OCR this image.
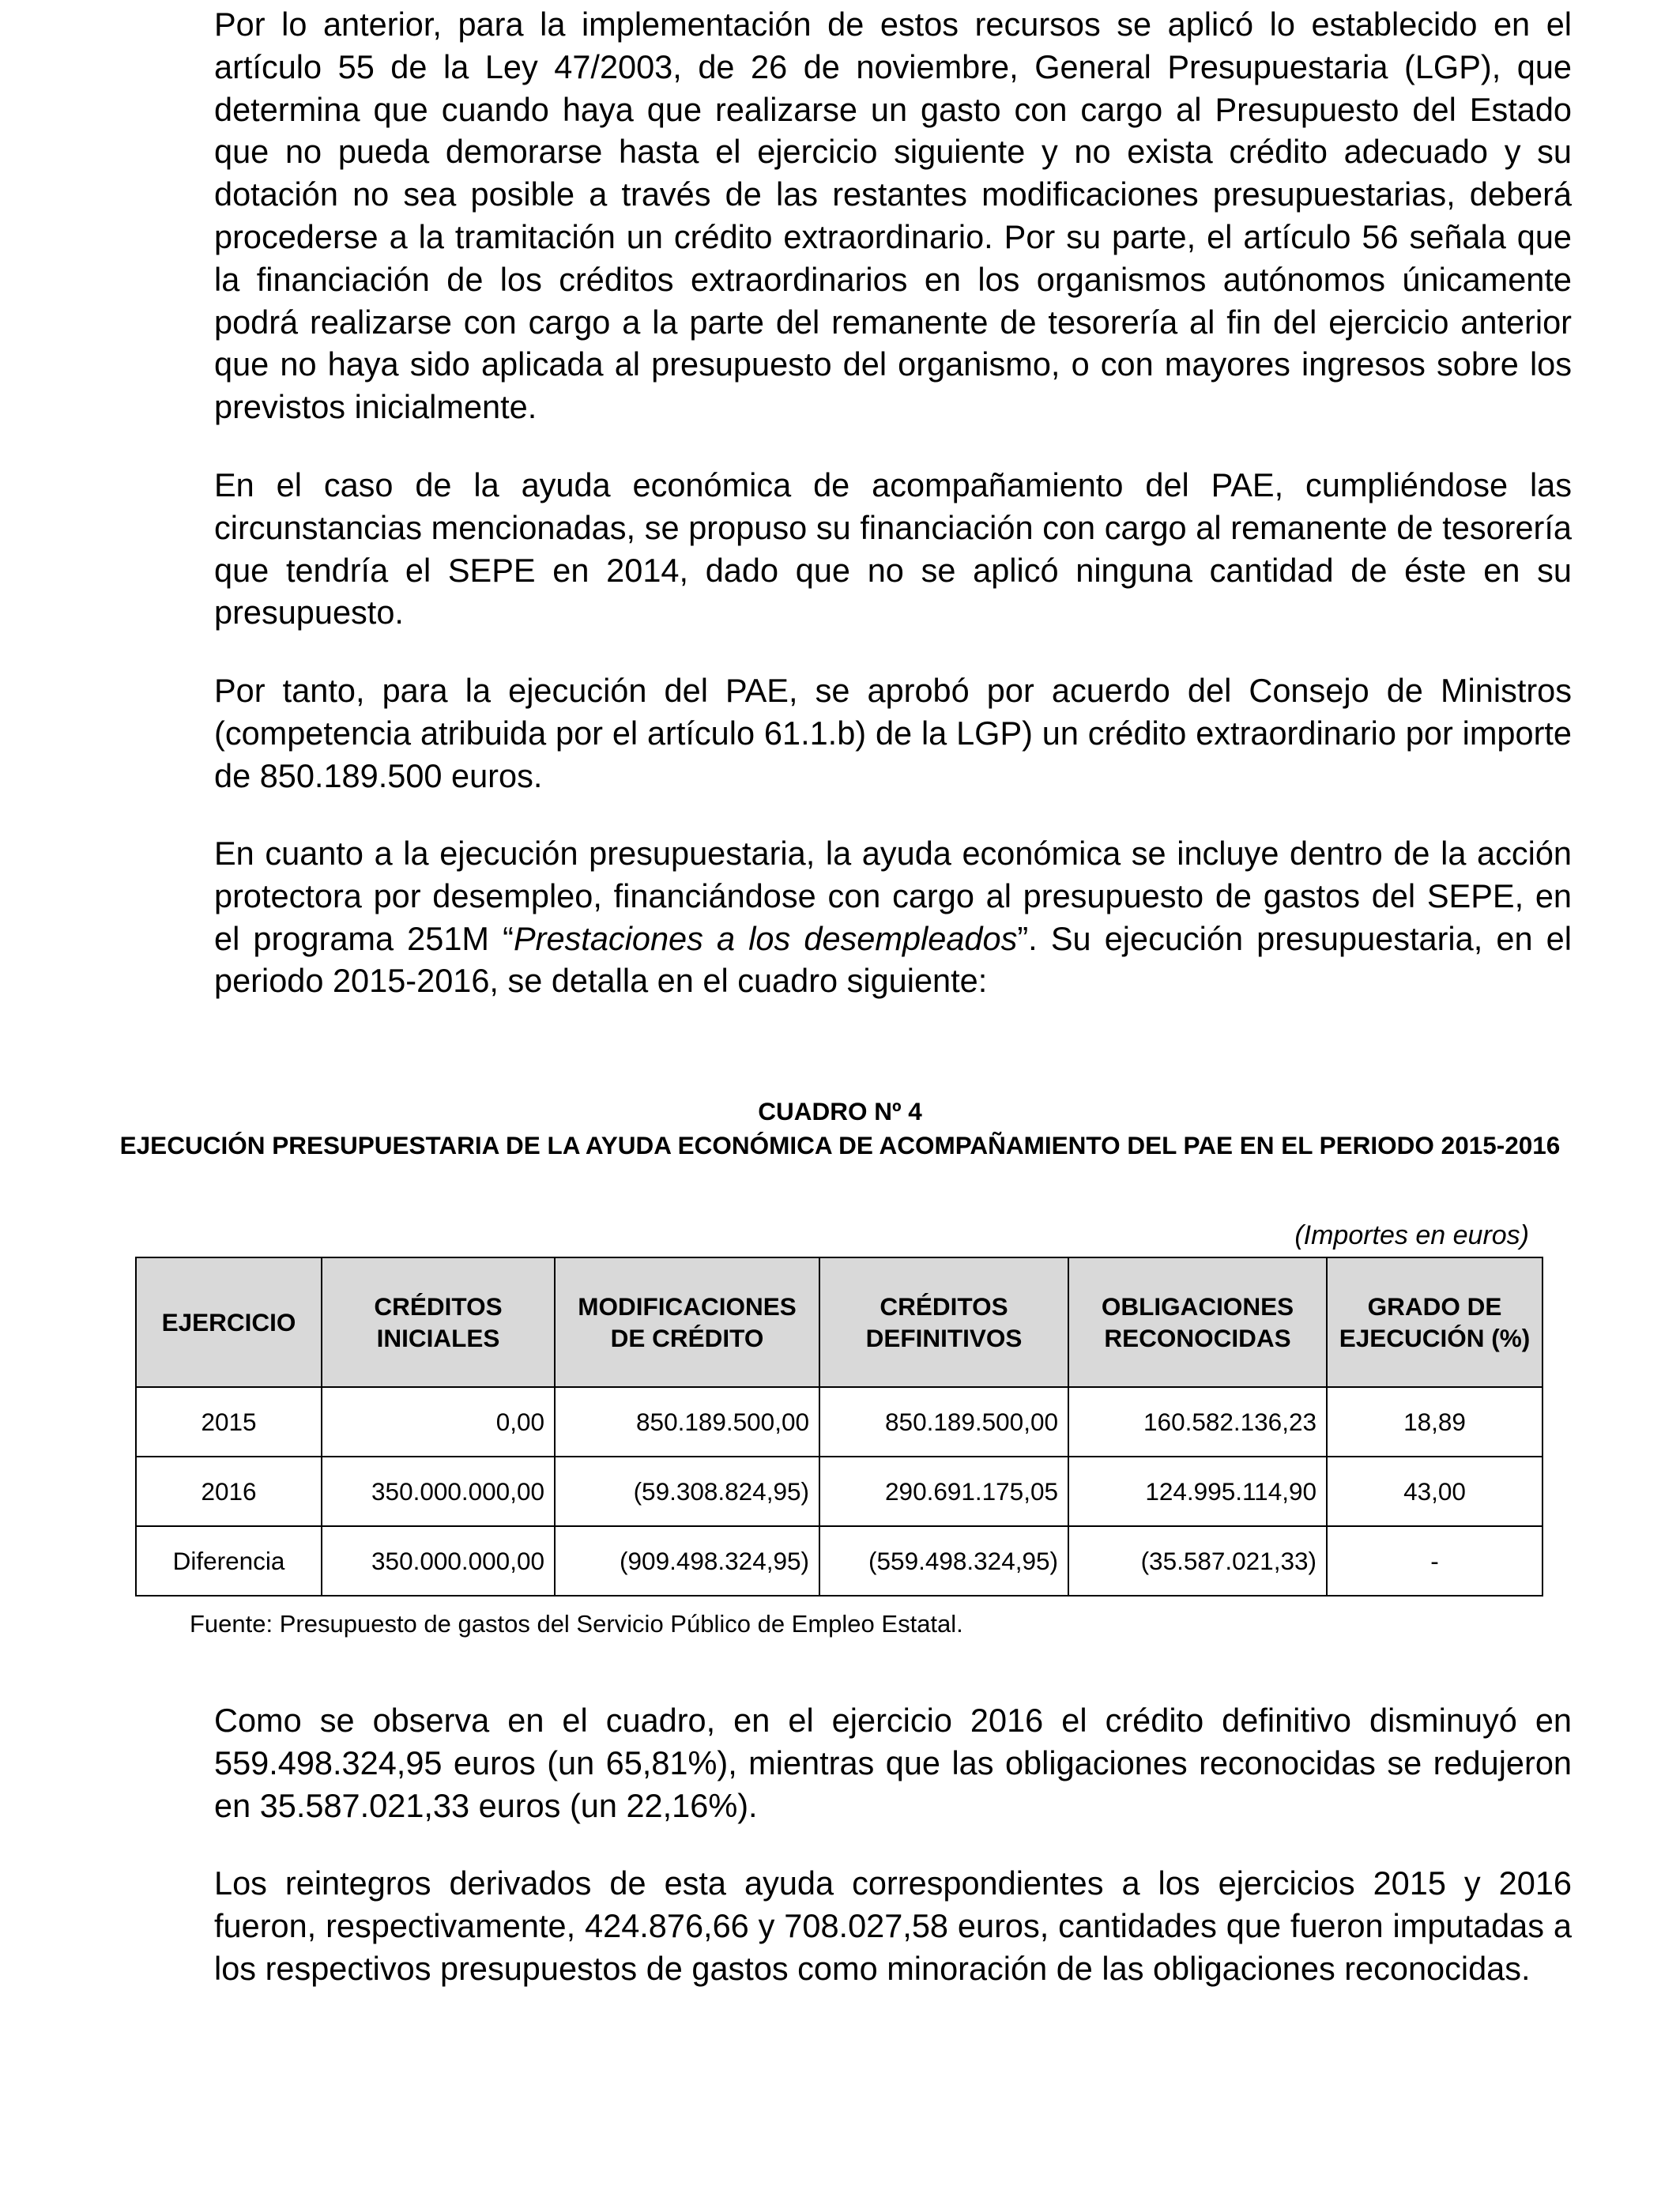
Por lo anterior, para la implementación de estos recursos se aplicó lo establecido en el artículo 55 de la Ley 47/2003, de 26 de noviembre, General Presupuestaria (LGP), que determina que cuando haya que realizarse un gasto con cargo al Presupuesto del Estado que no pueda demorarse hasta el ejercicio siguiente y no exista crédito adecuado y su dotación no sea posible a través de las restantes modificaciones presupuestarias, deberá procederse a la tramitación un crédito extraordinario. Por su parte, el artículo 56 señala que la financiación de los créditos extraordinarios en los organismos autónomos únicamente podrá realizarse con cargo a la parte del remanente de tesorería al fin del ejercicio anterior que no haya sido aplicada al presupuesto del organismo, o con mayores ingresos sobre los previstos inicialmente.

En el caso de la ayuda económica de acompañamiento del PAE, cumpliéndose las circunstancias mencionadas, se propuso su financiación con cargo al remanente de tesorería que tendría el SEPE en 2014, dado que no se aplicó ninguna cantidad de éste en su presupuesto.

Por tanto, para la ejecución del PAE, se aprobó por acuerdo del Consejo de Ministros (competencia atribuida por el artículo 61.1.b) de la LGP) un crédito extraordinario por importe de 850.189.500 euros.

En cuanto a la ejecución presupuestaria, la ayuda económica se incluye dentro de la acción protectora por desempleo, financiándose con cargo al presupuesto de gastos del SEPE, en el programa 251M “Prestaciones a los desempleados”. Su ejecución presupuestaria, en el periodo 2015-2016, se detalla en el cuadro siguiente:

CUADRO Nº 4

EJECUCIÓN PRESUPUESTARIA DE LA AYUDA ECONÓMICA DE ACOMPAÑAMIENTO DEL PAE EN EL PERIODO 2015-2016

(Importes en euros)
EJERCICIO	CRÉDITOS INICIALES	MODIFICACIONES DE CRÉDITO	CRÉDITOS DEFINITIVOS	OBLIGACIONES RECONOCIDAS	GRADO DE EJECUCIÓN (%)
2015	0,00	850.189.500,00	850.189.500,00	160.582.136,23	18,89
2016	350.000.000,00	(59.308.824,95)	290.691.175,05	124.995.114,90	43,00
Diferencia	350.000.000,00	(909.498.324,95)	(559.498.324,95)	(35.587.021,33)	-
Fuente: Presupuesto de gastos del Servicio Público de Empleo Estatal.

Como se observa en el cuadro, en el ejercicio 2016 el crédito definitivo disminuyó en 559.498.324,95 euros (un 65,81%), mientras que las obligaciones reconocidas se redujeron en 35.587.021,33 euros (un 22,16%).

Los reintegros derivados de esta ayuda correspondientes a los ejercicios 2015 y 2016 fueron, respectivamente, 424.876,66 y 708.027,58 euros, cantidades que fueron imputadas a los respectivos presupuestos de gastos como minoración de las obligaciones reconocidas.
